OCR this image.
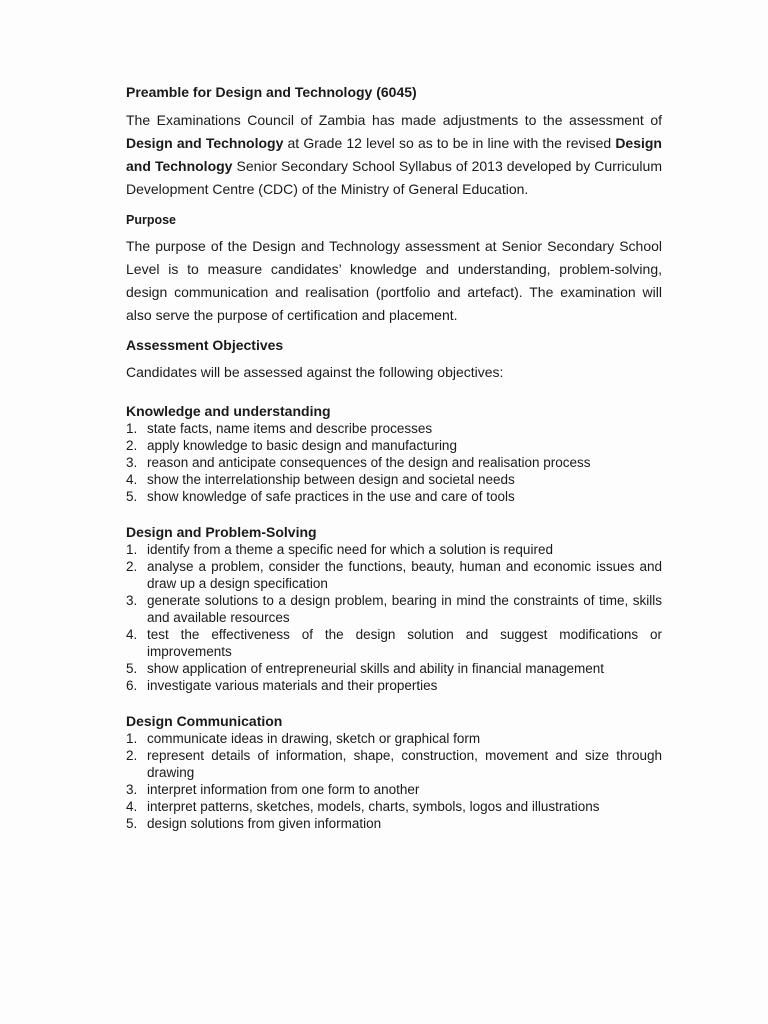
Preamble for Design and Technology (6045)

The Examinations Council of Zambia has made adjustments to the assessment of Design and Technology at Grade 12 level so as to be in line with the revised Design and Technology Senior Secondary School Syllabus of 2013 developed by Curriculum Development Centre (CDC) of the Ministry of General Education.

Purpose

The purpose of the Design and Technology assessment at Senior Secondary School Level is to measure candidates’ knowledge and understanding, problem-solving, design communication and realisation (portfolio and artefact). The examination will also serve the purpose of certification and placement.

Assessment Objectives

Candidates will be assessed against the following objectives:

Knowledge and understanding
1. state facts, name items and describe processes
2. apply knowledge to basic design and manufacturing
3. reason and anticipate consequences of the design and realisation process
4. show the interrelationship between design and societal needs
5. show knowledge of safe practices in the use and care of tools
Design and Problem-Solving
1. identify from a theme a specific need for which a solution is required
2. analyse a problem, consider the functions, beauty, human and economic issues and draw up a design specification
3. generate solutions to a design problem, bearing in mind the constraints of time, skills and available resources
4. test the effectiveness of the design solution and suggest modifications or improvements
5. show application of entrepreneurial skills and ability in financial management
6. investigate various materials and their properties
Design Communication
1. communicate ideas in drawing, sketch or graphical form
2. represent details of information, shape, construction, movement and size through drawing
3. interpret information from one form to another
4. interpret patterns, sketches, models, charts, symbols, logos and illustrations
5. design solutions from given information
